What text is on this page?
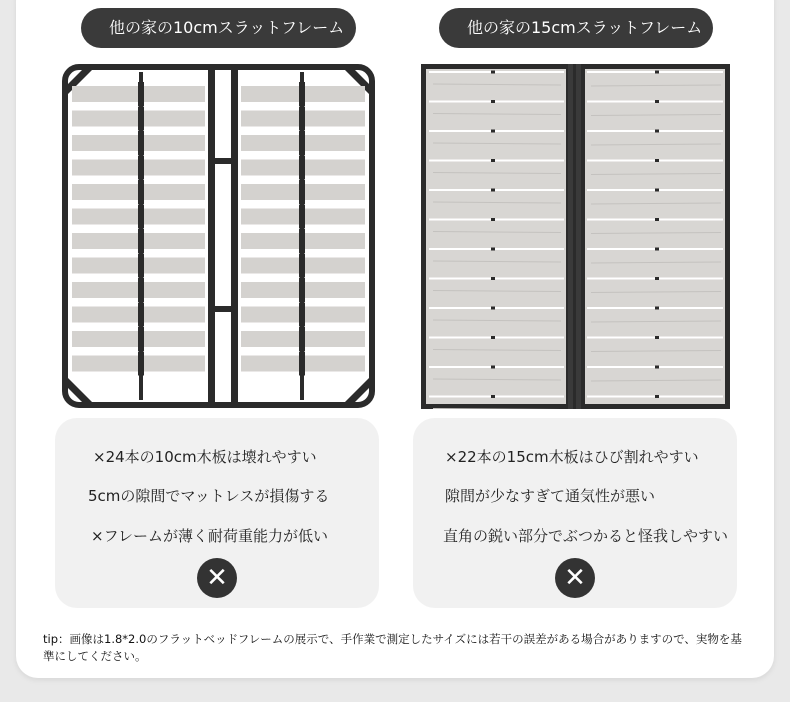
他の家の10cmスラットフレーム	他の家の15cmスラットフレーム
×24本の10cm木板は壊れやすい
5cmの隙間でマットレスが損傷する
×フレームが薄く耐荷重能力が低い
✕
×22本の15cm木板はひび割れやすい
隙間が少なすぎて通気性が悪い
直角の鋭い部分でぶつかると怪我しやすい
✕
tip：画像は1.8*2.0のフラットベッドフレームの展示で、手作業で測定したサイズには若干の誤差がある場合がありますので、実物を基準にしてください。
